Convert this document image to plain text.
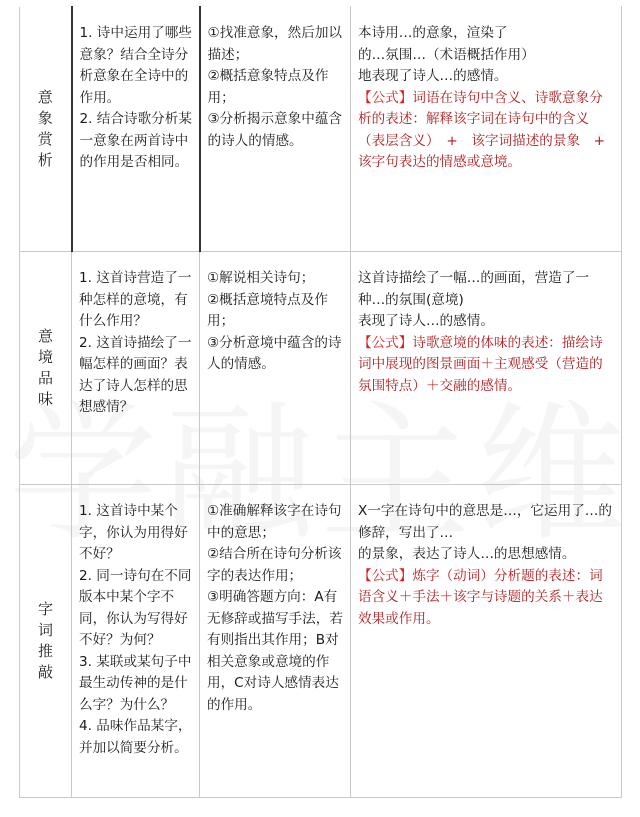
意
象
赏
析	1. 诗中运用了哪些意象？结合全诗分析意象在全诗中的作用。
2. 结合诗歌分析某一意象在两首诗中的作用是否相同。	①找准意象，然后加以描述；
②概括意象特点及作用；
③分析揭示意象中蕴含的诗人的情感。	本诗用…的意象，渲染了
的…氛围…（术语概括作用）
地表现了诗人…的感情。
【公式】词语在诗句中含义、诗歌意象分析的表述：解释该字词在诗句中的含义（表层含义）　+　该字词描述的景象　+　该字句表达的情感或意境。

意
境
品
味	1. 这首诗营造了一种怎样的意境，有什么作用？
2. 这首诗描绘了一幅怎样的画面？表达了诗人怎样的思想感情？	①解说相关诗句；
②概括意境特点及作用；
③分析意境中蕴含的诗人的情感。	这首诗描绘了一幅…的画面，营造了一种…的氛围(意境)
表现了诗人…的感情。
【公式】诗歌意境的体味的表述：描绘诗词中展现的图景画面＋主观感受（营造的氛围特点）＋交融的感情。

字
词
推
敲	1. 这首诗中某个字，你认为用得好不好？
2. 同一诗句在不同版本中某个字不同，你认为写得好不好？为何？
3. 某联或某句子中最生动传神的是什么字？为什么？
4. 品味作品某字，并加以简要分析。	①准确解释该字在诗句中的意思；
②结合所在诗句分析该字的表达作用；
③明确答题方向：A有无修辞或描写手法，若有则指出其作用；B对相关意象或意境的作用，C对诗人感情表达的作用。	X一字在诗句中的意思是…，它运用了…的修辞，写出了…
的景象，表达了诗人…的思想感情。
【公式】炼字（动词）分析题的表述：词语含义＋手法＋该字与诗题的关系＋表达效果或作用。
